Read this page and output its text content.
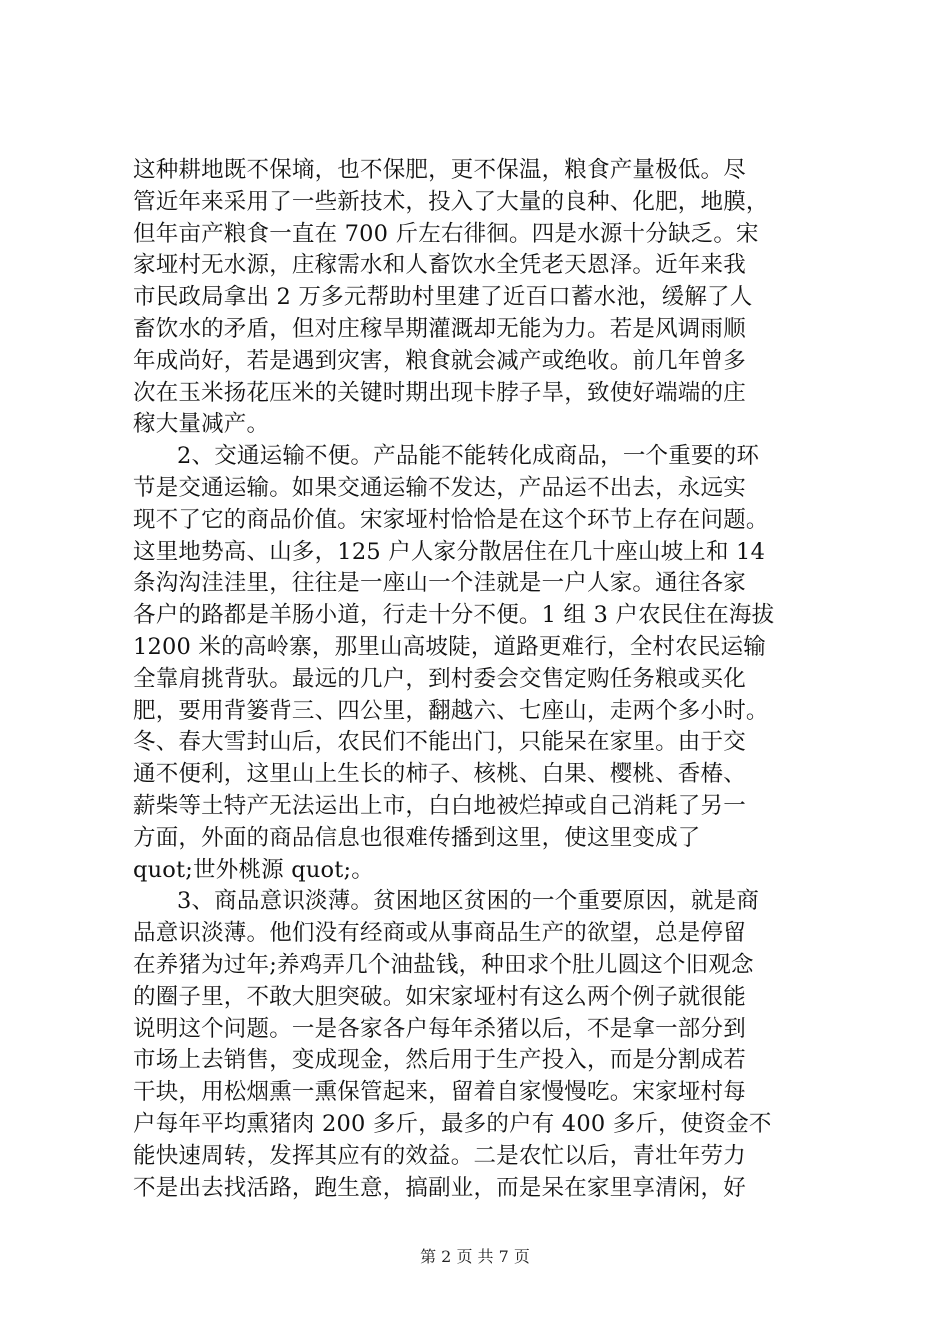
这种耕地既不保墒，也不保肥，更不保温，粮食产量极低。尽
管近年来采用了一些新技术，投入了大量的良种、化肥，地膜，
但年亩产粮食一直在 700 斤左右徘徊。四是水源十分缺乏。宋
家垭村无水源，庄稼需水和人畜饮水全凭老天恩泽。近年来我
市民政局拿出 2 万多元帮助村里建了近百口蓄水池，缓解了人
畜饮水的矛盾，但对庄稼旱期灌溉却无能为力。若是风调雨顺
年成尚好，若是遇到灾害，粮食就会减产或绝收。前几年曾多
次在玉米扬花压米的关键时期出现卡脖子旱，致使好端端的庄
稼大量减产。
2、交通运输不便。产品能不能转化成商品，一个重要的环
节是交通运输。如果交通运输不发达，产品运不出去，永远实
现不了它的商品价值。宋家垭村恰恰是在这个环节上存在问题。
这里地势高、山多，125 户人家分散居住在几十座山坡上和 14
条沟沟洼洼里，往往是一座山一个洼就是一户人家。通往各家
各户的路都是羊肠小道，行走十分不便。1 组 3 户农民住在海拔
1200 米的高岭寨，那里山高坡陡，道路更难行，全村农民运输
全靠肩挑背驮。最远的几户，到村委会交售定购任务粮或买化
肥，要用背篓背三、四公里，翻越六、七座山，走两个多小时。
冬、春大雪封山后，农民们不能出门，只能呆在家里。由于交
通不便利，这里山上生长的柿子、核桃、白果、樱桃、香椿、
薪柴等土特产无法运出上市，白白地被烂掉或自己消耗了另一
方面，外面的商品信息也很难传播到这里，使这里变成了
quot;世外桃源 quot;。
3、商品意识淡薄。贫困地区贫困的一个重要原因，就是商
品意识淡薄。他们没有经商或从事商品生产的欲望，总是停留
在养猪为过年;养鸡弄几个油盐钱，种田求个肚儿圆这个旧观念
的圈子里，不敢大胆突破。如宋家垭村有这么两个例子就很能
说明这个问题。一是各家各户每年杀猪以后，不是拿一部分到
市场上去销售，变成现金，然后用于生产投入，而是分割成若
干块，用松烟熏一熏保管起来，留着自家慢慢吃。宋家垭村每
户每年平均熏猪肉 200 多斤，最多的户有 400 多斤，使资金不
能快速周转，发挥其应有的效益。二是农忙以后，青壮年劳力
不是出去找活路，跑生意，搞副业，而是呆在家里享清闲，好
第 2 页 共 7 页
